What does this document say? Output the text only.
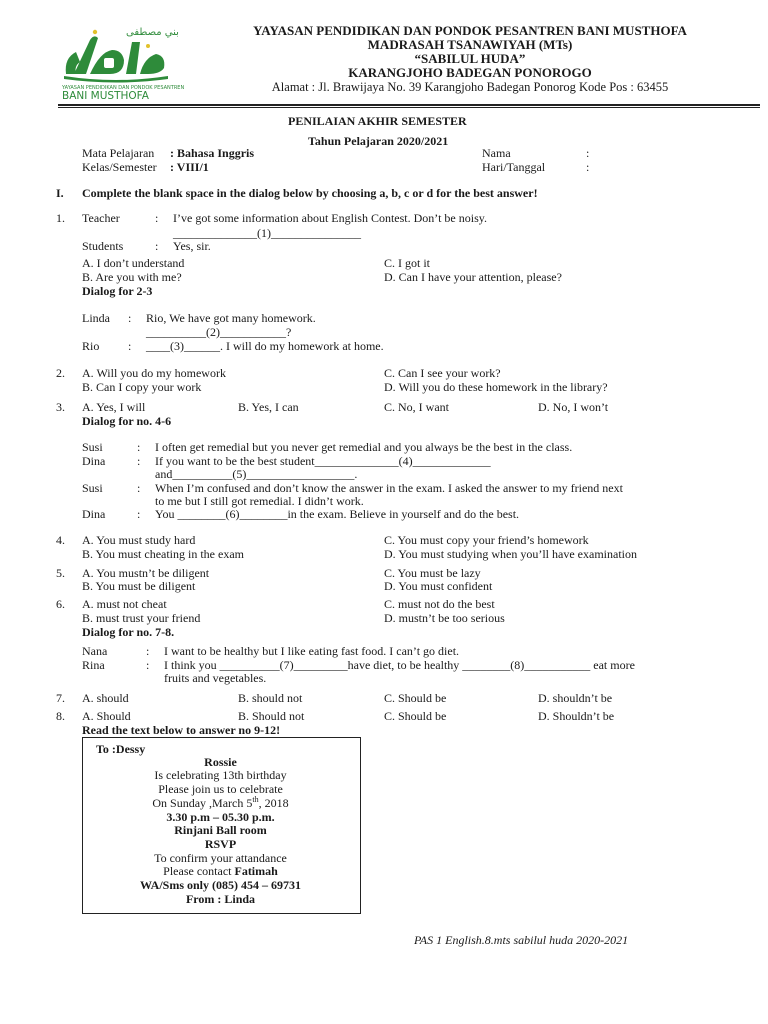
بني مصطفى
YAYASAN PENDIDIKAN DAN PONDOK PESANTREN
BANI MUSTHOFA
YAYASAN PENDIDIKAN DAN PONDOK PESANTREN BANI MUSTHOFA
MADRASAH TSANAWIYAH (MTs)
“SABILUL HUDA”
KARANGJOHO BADEGAN PONOROGO
Alamat : Jl. Brawijaya No. 39 Karangjoho Badegan Ponorog Kode Pos : 63455
PENILAIAN AKHIR SEMESTER
Tahun Pelajaran 2020/2021
Mata Pelajaran : Bahasa Inggris
Kelas/Semester : VIII/1
Nama	:
Hari/Tanggal	:
I. Complete the blank space in the dialog below by choosing a, b, c or d for the best answer!
1. Teacher	: I’ve got some information about English Contest. Don’t be noisy.
______________(1)_______________
Students	: Yes, sir.
A. I don’t understand	C. I got it
B. Are you with me?	D. Can I have your attention, please?
Dialog for 2-3
Linda : Rio, We have got many homework.
__________(2)___________?
Rio : ____(3)______. I will do my homework at home.
2. A. Will you do my homework	C. Can I see your work?
B. Can I copy your work	D. Will you do these homework in the library?
3. A. Yes, I will	B. Yes, I can	C. No, I want	D. No, I won’t
Dialog for no. 4-6
Susi	: I often get remedial but you never get remedial and you always be the best in the class.
Dina	: If you want to be the best student______________(4)_____________
and__________(5)__________________.
Susi	: When I’m confused and don’t know the answer in the exam. I asked the answer to my friend next
to me but I still got remedial. I didn’t work.
Dina	: You ________(6)________in the exam. Believe in yourself and do the best.
4. A. You must study hard	C. You must copy your friend’s homework
B. You must cheating in the exam	D. You must studying when you’ll have examination
5. A. You mustn’t be diligent	C. You must be lazy
B. You must be diligent	D. You must confident
6. A. must not cheat	C. must not do the best
B. must trust your friend	D. mustn’t be too serious
Dialog for no. 7-8.
Nana	: I want to be healthy but I like eating fast food. I can’t go diet.
Rina	: I think you __________(7)_________have diet, to be healthy ________(8)___________ eat more
fruits and vegetables.
7. A. should	B. should not	C. Should be	D. shouldn’t be
8. A. Should	B. Should not	C. Should be	D. Shouldn’t be
Read the text below to answer no 9-12!
To :Dessy
Rossie
Is celebrating 13th birthday
Please join us to celebrate
On Sunday ,March 5th, 2018
3.30 p.m – 05.30 p.m.
Rinjani Ball room
RSVP
To confirm your attandance
Please contact Fatimah
WA/Sms only (085) 454 – 69731
From : Linda
PAS 1 English.8.mts sabilul huda 2020-2021
